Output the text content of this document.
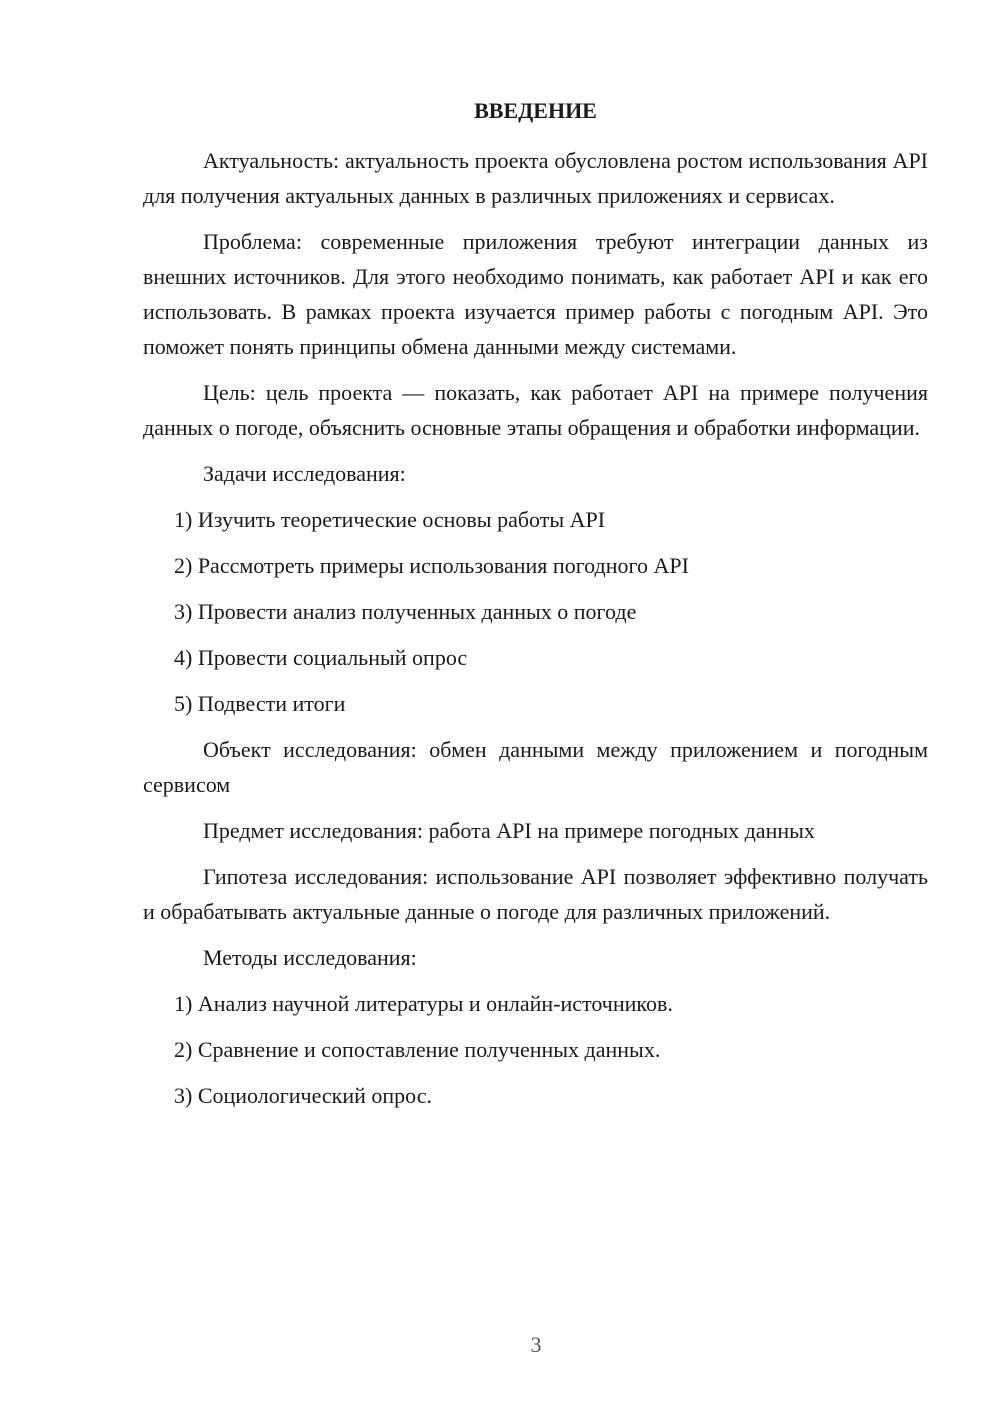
ВВЕДЕНИЕ

Актуальность: актуальность проекта обусловлена ростом использования API для получения актуальных данных в различных приложениях и сервисах.

Проблема: современные приложения требуют интеграции данных из внешних источников. Для этого необходимо понимать, как работает API и как его использовать. В рамках проекта изучается пример работы с погодным API. Это поможет понять принципы обмена данными между системами.

Цель: цель проекта — показать, как работает API на примере получения данных о погоде, объяснить основные этапы обращения и обработки информации.

Задачи исследования:

1) Изучить теоретические основы работы API
2) Рассмотреть примеры использования погодного API
3) Провести анализ полученных данных о погоде
4) Провести социальный опрос
5) Подвести итоги

Объект исследования: обмен данными между приложением и погодным сервисом

Предмет исследования: работа API на примере погодных данных

Гипотеза исследования: использование API позволяет эффективно получать и обрабатывать актуальные данные о погоде для различных приложений.

Методы исследования:

1) Анализ научной литературы и онлайн-источников.
2) Сравнение и сопоставление полученных данных.
3) Социологический опрос.
3
